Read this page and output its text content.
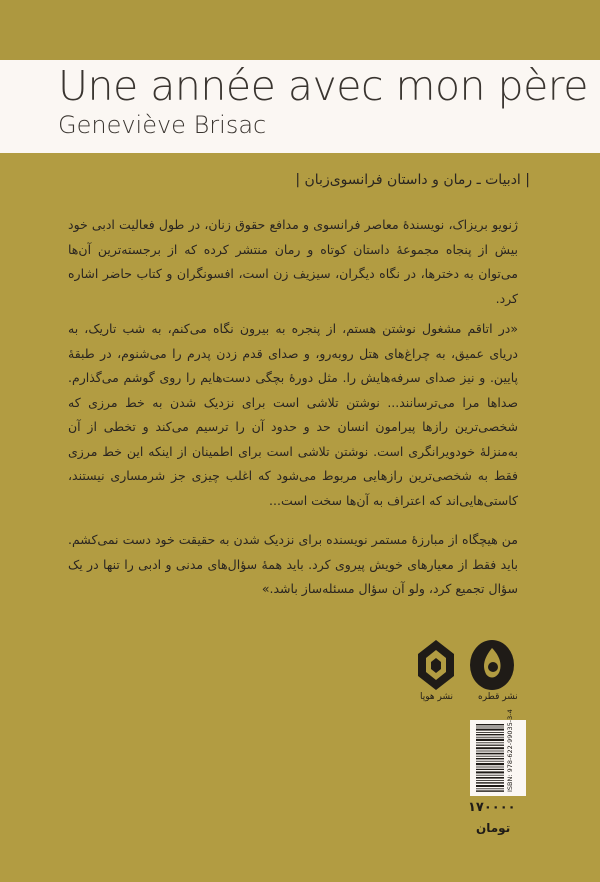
Une année avec mon père
Geneviève Brisac
| ادبیات ـ رمان و داستان فرانسوی‌زبان |

ژنویو بریزاک، نویسندهٔ معاصر فرانسوی و مدافع حقوق زنان، در طول فعالیت ادبی خود بیش از پنجاه مجموعهٔ داستان کوتاه و رمان منتشر کرده که از برجسته‌ترین آن‌ها می‌توان به دخترها، در نگاه دیگران، سیزیف زن است، افسونگران و کتاب حاضر اشاره کرد.

«در اتاقم مشغول نوشتن هستم، از پنجره به بیرون نگاه می‌کنم، به شب تاریک، به دریای عمیق، به چراغ‌های هتل روبه‌رو، و صدای قدم زدن پدرم را می‌شنوم، در طبقهٔ پایین. و نیز صدای سرفه‌هایش را. مثل دورهٔ بچگی دست‌هایم را روی گوشم می‌گذارم. صداها مرا می‌ترسانند... نوشتن تلاشی است برای نزدیک شدن به خط مرزی که شخصی‌ترین رازها پیرامون انسان حد و حدود آن را ترسیم می‌کند و تخطی از آن به‌منزلهٔ خودویرانگری است. نوشتن تلاشی است برای اطمینان از اینکه این خط مرزی فقط به شخصی‌ترین رازهایی مربوط می‌شود که اغلب چیزی جز شرمساری نیستند، کاستی‌هایی‌اند که اعتراف به آن‌ها سخت است...

من هیچگاه از مبارزهٔ مستمر نویسنده برای نزدیک شدن به حقیقت خود دست نمی‌کشم. باید فقط از معیارهای خویش پیروی کرد. باید همهٔ سؤال‌های مدنی و ادبی را تنها در یک سؤال تجمیع کرد، ولو آن سؤال مسئله‌ساز باشد.»

نشر هوپا	نشر قطره
ISBN: 978-622-99035-3-4
۱۷۰۰۰۰
تومان
